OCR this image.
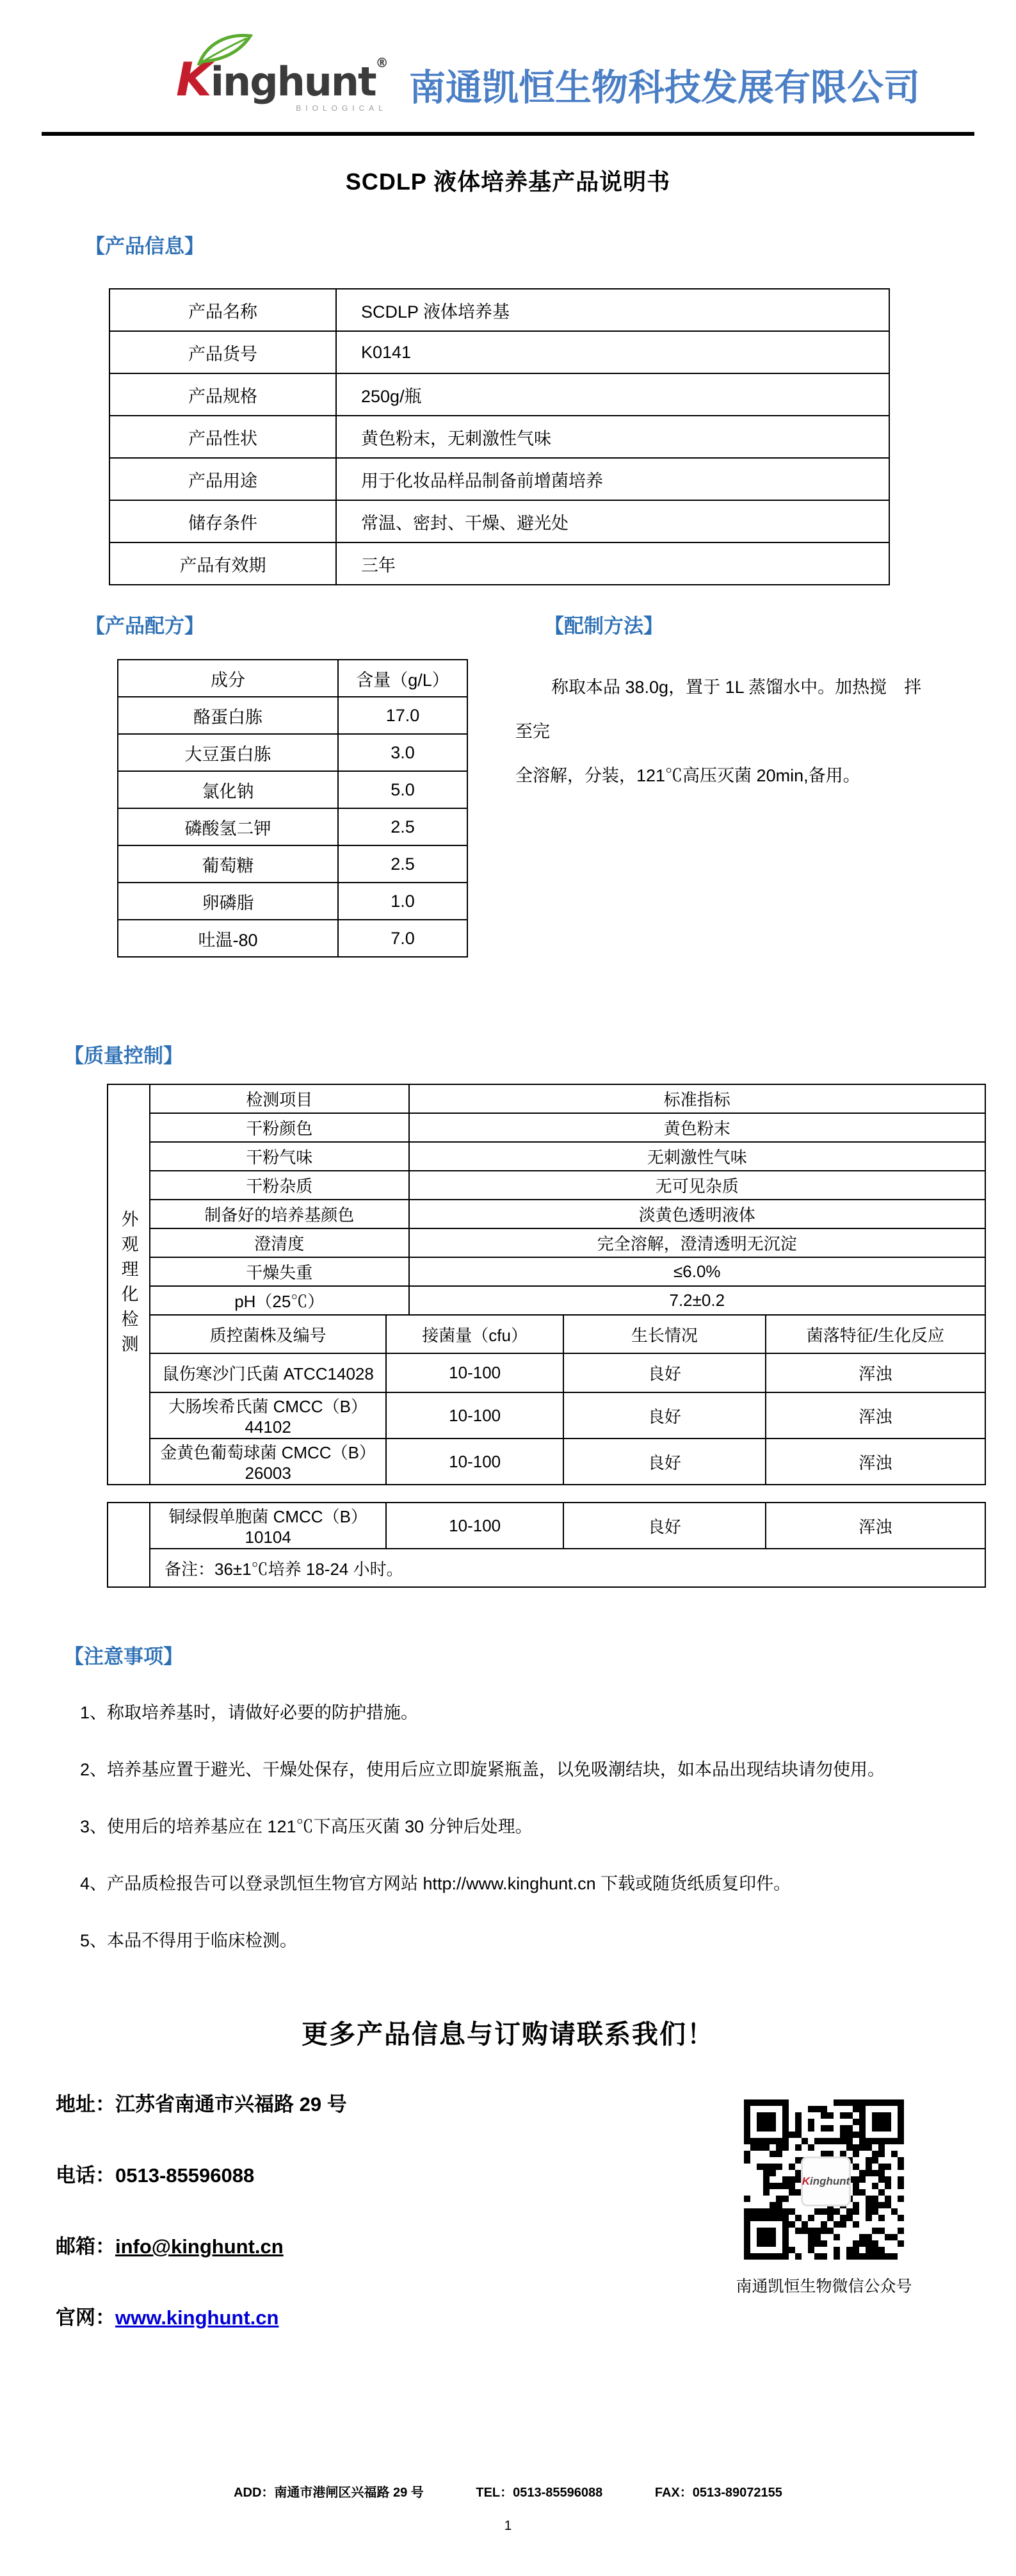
Kinghunt®
BIOLOGICAL 南通凯恒生物科技发展有限公司
SCDLP 液体培养基产品说明书
【产品信息】
产品名称	SCDLP 液体培养基
产品货号	K0141
产品规格	250g/瓶
产品性状	黄色粉末，无刺激性气味
产品用途	用于化妆品样品制备前增菌培养
储存条件	常温、密封、干燥、避光处
产品有效期	三年
【产品配方】
成分	含量（g/L）
酪蛋白胨	17.0
大豆蛋白胨	3.0
氯化钠	5.0
磷酸氢二钾	2.5
葡萄糖	2.5
卵磷脂	1.0
吐温-80	7.0
【配制方法】
称取本品 38.0g，置于 1L 蒸馏水中。加热搅　拌至完
全溶解，分装，121℃高压灭菌 20min,备用。
【质量控制】
外观理化检测
检测项目	标准指标
干粉颜色	黄色粉末
干粉气味	无刺激性气味
干粉杂质	无可见杂质
制备好的培养基颜色	淡黄色透明液体
澄清度	完全溶解，澄清透明无沉淀
干燥失重	≤6.0%
pH（25℃）	7.2±0.2
质控菌株及编号	接菌量（cfu）	生长情况	菌落特征/生化反应
鼠伤寒沙门氏菌 ATCC14028	10-100	良好	浑浊
大肠埃希氏菌 CMCC（B）44102	10-100	良好	浑浊
金黄色葡萄球菌 CMCC（B）26003	10-100	良好	浑浊
铜绿假单胞菌 CMCC（B）10104	10-100	良好	浑浊
备注：36±1℃培养 18-24 小时。
【注意事项】
1、称取培养基时，请做好必要的防护措施。
2、培养基应置于避光、干燥处保存，使用后应立即旋紧瓶盖，以免吸潮结块，如本品出现结块请勿使用。
3、使用后的培养基应在 121℃下高压灭菌 30 分钟后处理。
4、产品质检报告可以登录凯恒生物官方网站 http://www.kinghunt.cn 下载或随货纸质复印件。
5、本品不得用于临床检测。
更多产品信息与订购请联系我们！
地址：江苏省南通市兴福路 29 号
电话：0513-85596088
邮箱：info@kinghunt.cn
官网：www.kinghunt.cn
Kinghunt
南通凯恒生物微信公众号
ADD：南通市港闸区兴福路 29 号	TEL：0513-85596088	FAX：0513-89072155
1
